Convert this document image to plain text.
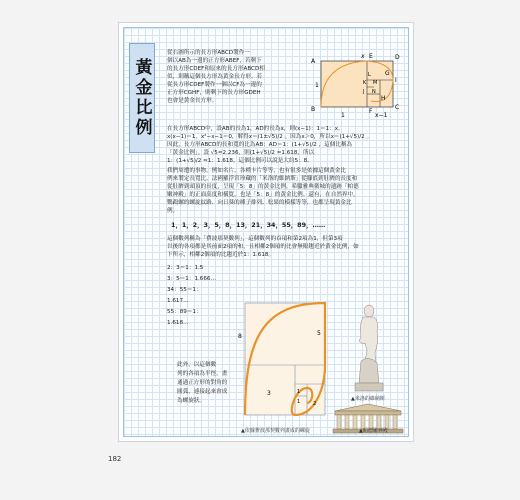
黃金比例
從右圖所示的長方形ABCD製作一
個以AB為一邊的正方形ABEF，若剩下
的長方形CDEF和原來的長方形ABCD相
似，則稱這個長方形為黃金長方形。若
從長方形CDEF製作一個以CF為一邊的
正方形CGHF，則剩下的長方形GDEH
也會是黃金長方形。
x E	D
A
L
M
K
N
J
I
H
C
F
B
1
1	x−1
G
在長方形ABCD中，設AB的長為1，AD的長為x，則(x−1)：1＝1：x，
x(x−1)＝1，x²−x−1＝0，解得x＝(1±√5)/2 。因為x＞0，所以x＝(1+√5)/2 。
因此，長方形ABCD的長和寬的比為AB：AD＝1：(1+√5)/2 ，這個比稱為
「黃金比例」。設 √5≈2.236，則(1+√5)/2 ≈1.618，所以
1：(1+√5)/2 ≈1：1.618，這個比例可以說是大約5：8。
我們周遭的事物，例如名片、各種卡片等等，也有很多是依據這個黃金比
例來製定長寬比。法國羅浮宮珍藏的「米洛的維納斯」從腳底到肚臍的長度和
從肚臍到頭頂的長度，呈現「5：8」的黃金比例。希臘雅典衛城的遺跡「帕德
嫩神殿」的正面高度和橫寬，也是「5：8」的黃金比例。還有，在自然界中，
鸚鵡螺的螺旋紋路、向日葵的種子排列、松果的模樣等等，也都呈現黃金比
例。
1，1，2，3，5，8，13，21，34，55，89，……
這個數列稱為「費波那契數列」，這個數列的首項和第2項為1，但第3項
以後的各項都是其前面2項的和，且相鄰2個項的比會無限趨近於黃金比例，如
下所示，相鄰2個項的比趨近於1：1.618。
2：3＝1：1.5
3：5＝1：1.666…
34：55＝1：
1.617…
55：89＝1：
1.618…
此外，以這個數
列的各項為半徑，畫
通過正方形的對角的
圓弧，連接起來會成
為螺旋狀。
8	5
3	1
1	2
▲依據費波那契數列畫成的螺旋
▲米洛的維納斯
▲帕德嫩神殿
182
